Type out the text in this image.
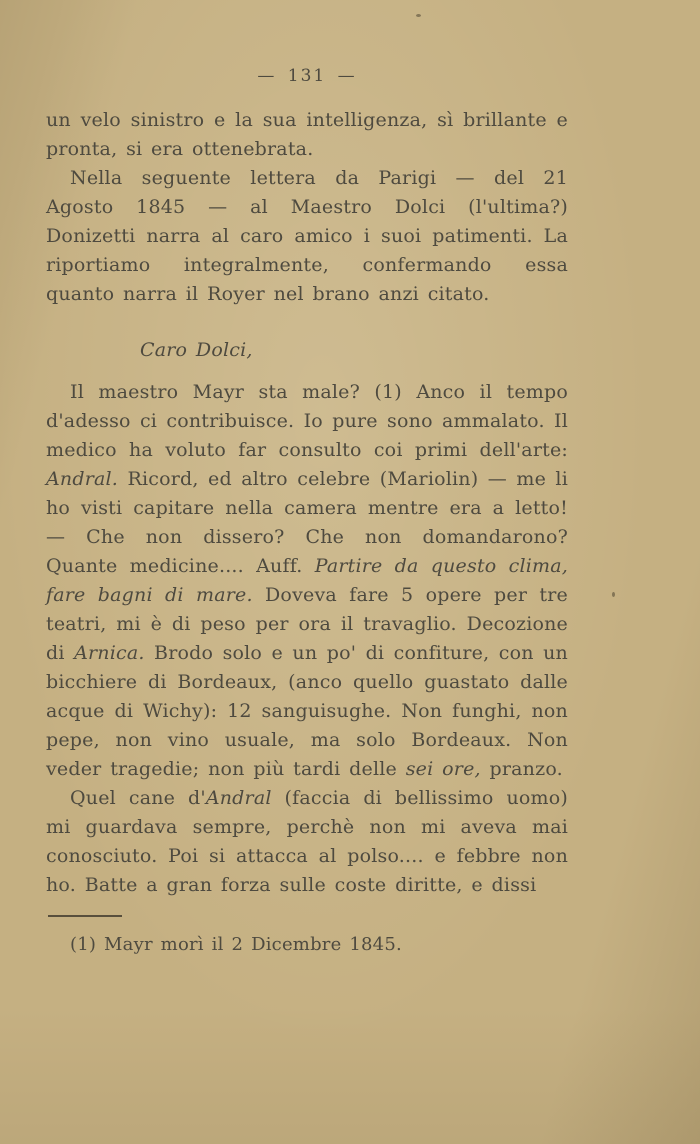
— 131 —

un velo sinistro e la sua intelligenza, sì brillante e pronta, si era ottenebrata.

Nella seguente lettera da Parigi — del 21 Agosto 1845 — al Maestro Dolci (l'ultima?) Donizetti narra al caro amico i suoi patimenti. La riportiamo integralmente, confermando essa quanto narra il Royer nel brano anzi citato.

Caro Dolci,

Il maestro Mayr sta male? (1) Anco il tempo d'adesso ci contribuisce. Io pure sono ammalato. Il medico ha voluto far consulto coi primi dell'arte: Andral. Ricord, ed altro celebre (Mariolin) — me li ho visti capitare nella camera mentre era a letto! — Che non dissero? Che non domandarono? Quante medicine.... Auff. Partire da questo clima, fare bagni di mare. Doveva fare 5 opere per tre teatri, mi è di peso per ora il travaglio. Decozione di Arnica. Brodo solo e un po' di confiture, con un bicchiere di Bordeaux, (anco quello guastato dalle acque di Wichy): 12 sanguisughe. Non funghi, non pepe, non vino usuale, ma solo Bordeaux. Non veder tragedie; non più tardi delle sei ore, pranzo.

Quel cane d'Andral (faccia di bellissimo uomo) mi guardava sempre, perchè non mi aveva mai conosciuto. Poi si attacca al polso.... e febbre non ho. Batte a gran forza sulle coste diritte, e dissi

(1) Mayr morì il 2 Dicembre 1845.
